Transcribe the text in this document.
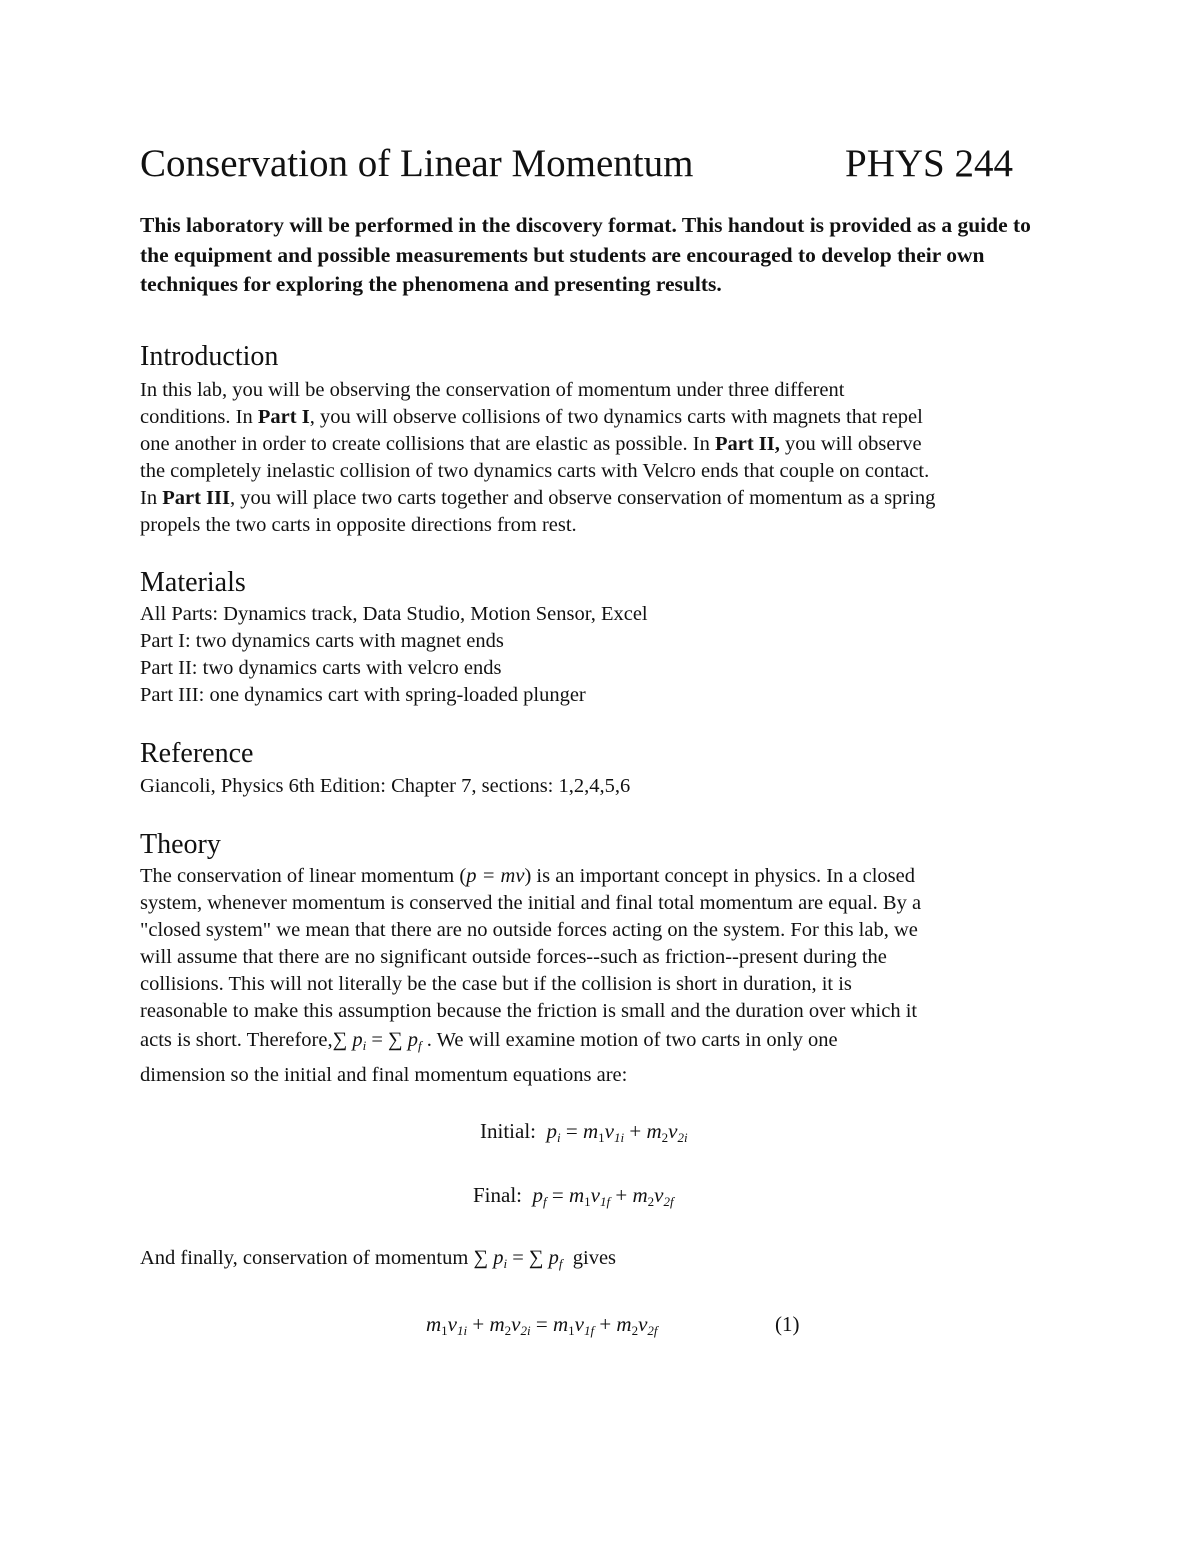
Conservation of Linear Momentum	PHYS 244
This laboratory will be performed in the discovery format. This handout is provided as a guide to the equipment and possible measurements but students are encouraged to develop their own techniques for exploring the phenomena and presenting results.
Introduction
In this lab, you will be observing the conservation of momentum under three different
conditions. In Part I, you will observe collisions of two dynamics carts with magnets that repel
one another in order to create collisions that are elastic as possible. In Part II, you will observe
the completely inelastic collision of two dynamics carts with Velcro ends that couple on contact.
In Part III, you will place two carts together and observe conservation of momentum as a spring
propels the two carts in opposite directions from rest.
Materials
All Parts: Dynamics track, Data Studio, Motion Sensor, Excel
Part I: two dynamics carts with magnet ends
Part II: two dynamics carts with velcro ends
Part III: one dynamics cart with spring-loaded plunger
Reference
Giancoli, Physics 6th Edition: Chapter 7, sections: 1,2,4,5,6
Theory
The conservation of linear momentum (p = mv) is an important concept in physics. In a closed
system, whenever momentum is conserved the initial and final total momentum are equal. By a
"closed system" we mean that there are no outside forces acting on the system. For this lab, we
will assume that there are no significant outside forces--such as friction--present during the
collisions. This will not literally be the case but if the collision is short in duration, it is
reasonable to make this assumption because the friction is small and the duration over which it
acts is short. Therefore,∑ $p_i$ = ∑ $p_f$ . We will examine motion of two carts in only one
dimension so the initial and final momentum equations are:
Initial: $p_i = m_1v_{1i} + m_2v_{2i}$
Final: $p_f = m_1v_{1f} + m_2v_{2f}$
And finally, conservation of momentum ∑ $p_i$ = ∑ $p_f$ gives
$m_1v_{1i} + m_2v_{2i} = m_1v_{1f} + m_2v_{2f}$	(1)
